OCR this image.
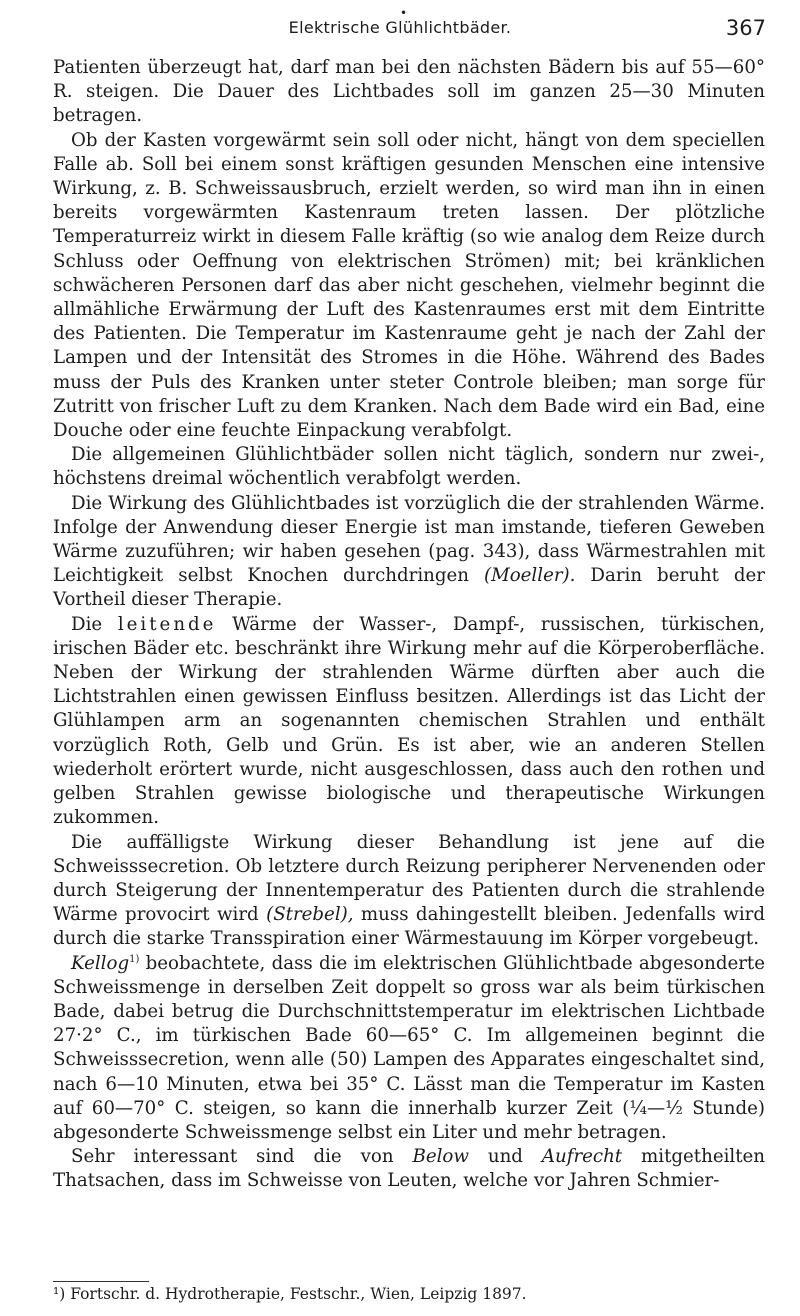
•
Elektrische Glühlichtbäder.	367

Patienten überzeugt hat, darf man bei den nächsten Bädern bis auf 55—60° R. steigen. Die Dauer des Lichtbades soll im ganzen 25—30 Minuten betragen.

Ob der Kasten vorgewärmt sein soll oder nicht, hängt von dem speciellen Falle ab. Soll bei einem sonst kräftigen gesunden Menschen eine intensive Wirkung, z. B. Schweissausbruch, erzielt werden, so wird man ihn in einen bereits vorgewärmten Kastenraum treten lassen. Der plötzliche Temperaturreiz wirkt in diesem Falle kräftig (so wie analog dem Reize durch Schluss oder Oeffnung von elektrischen Strömen) mit; bei kränklichen schwächeren Personen darf das aber nicht geschehen, vielmehr beginnt die allmähliche Erwärmung der Luft des Kastenraumes erst mit dem Eintritte des Patienten. Die Temperatur im Kastenraume geht je nach der Zahl der Lampen und der Intensität des Stromes in die Höhe. Während des Bades muss der Puls des Kranken unter steter Controle bleiben; man sorge für Zutritt von frischer Luft zu dem Kranken. Nach dem Bade wird ein Bad, eine Douche oder eine feuchte Einpackung verabfolgt.

Die allgemeinen Glühlichtbäder sollen nicht täglich, sondern nur zwei-, höchstens dreimal wöchentlich verabfolgt werden.

Die Wirkung des Glühlichtbades ist vorzüglich die der strahlenden Wärme. Infolge der Anwendung dieser Energie ist man imstande, tieferen Geweben Wärme zuzuführen; wir haben gesehen (pag. 343), dass Wärmestrahlen mit Leichtigkeit selbst Knochen durchdringen (Moeller). Darin beruht der Vortheil dieser Therapie.

Die leitende Wärme der Wasser-, Dampf-, russischen, türkischen, irischen Bäder etc. beschränkt ihre Wirkung mehr auf die Körperoberfläche. Neben der Wirkung der strahlenden Wärme dürften aber auch die Lichtstrahlen einen gewissen Einfluss besitzen. Allerdings ist das Licht der Glühlampen arm an sogenannten chemischen Strahlen und enthält vorzüglich Roth, Gelb und Grün. Es ist aber, wie an anderen Stellen wiederholt erörtert wurde, nicht ausgeschlossen, dass auch den rothen und gelben Strahlen gewisse biologische und therapeutische Wirkungen zukommen.

Die auffälligste Wirkung dieser Behandlung ist jene auf die Schweisssecretion. Ob letztere durch Reizung peripherer Nervenenden oder durch Steigerung der Innentemperatur des Patienten durch die strahlende Wärme provocirt wird (Strebel), muss dahingestellt bleiben. Jedenfalls wird durch die starke Transspiration einer Wärmestauung im Körper vorgebeugt.

Kellog$^{1)}$ beobachtete, dass die im elektrischen Glühlichtbade abgesonderte Schweissmenge in derselben Zeit doppelt so gross war als beim türkischen Bade, dabei betrug die Durchschnittstemperatur im elektrischen Lichtbade 27·2° C., im türkischen Bade 60—65° C. Im allgemeinen beginnt die Schweisssecretion, wenn alle (50) Lampen des Apparates eingeschaltet sind, nach 6—10 Minuten, etwa bei 35° C. Lässt man die Temperatur im Kasten auf 60—70° C. steigen, so kann die innerhalb kurzer Zeit (¼—½ Stunde) abgesonderte Schweissmenge selbst ein Liter und mehr betragen.

Sehr interessant sind die von Below und Aufrecht mitgetheilten Thatsachen, dass im Schweisse von Leuten, welche vor Jahren Schmier-

¹) Fortschr. d. Hydrotherapie, Festschr., Wien, Leipzig 1897.
